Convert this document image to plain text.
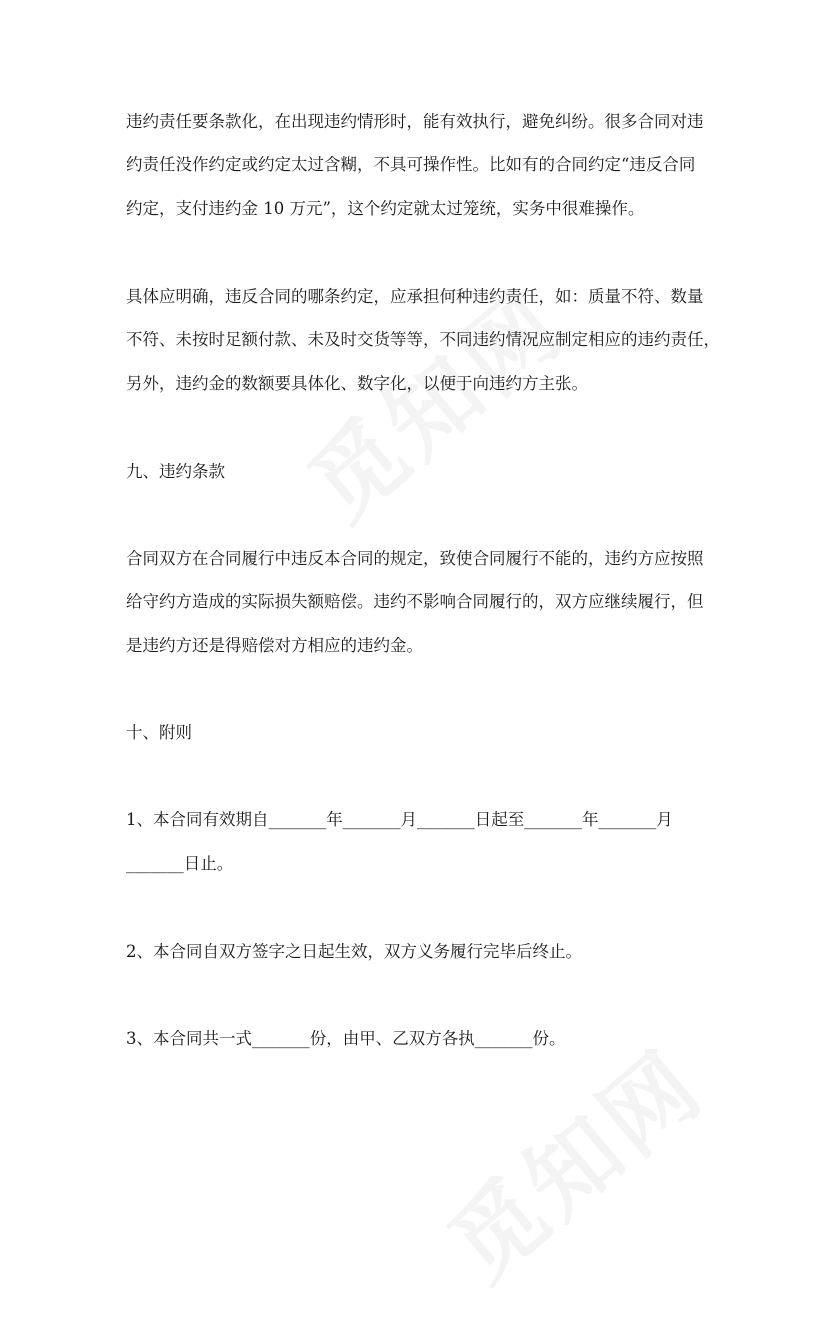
违约责任要条款化，在出现违约情形时，能有效执行，避免纠纷。很多合同对违
约责任没作约定或约定太过含糊，不具可操作性。比如有的合同约定“违反合同
约定，支付违约金 10 万元”，这个约定就太过笼统，实务中很难操作。
具体应明确，违反合同的哪条约定，应承担何种违约责任，如：质量不符、数量
不符、未按时足额付款、未及时交货等等，不同违约情况应制定相应的违约责任，
另外，违约金的数额要具体化、数字化，以便于向违约方主张。
九、违约条款
合同双方在合同履行中违反本合同的规定，致使合同履行不能的，违约方应按照
给守约方造成的实际损失额赔偿。违约不影响合同履行的，双方应继续履行，但
是违约方还是得赔偿对方相应的违约金。
十、附则
1、本合同有效期自_______年_______月_______日起至_______年_______月
_______日止。
2、本合同自双方签字之日起生效，双方义务履行完毕后终止。
3、本合同共一式_______份，由甲、乙双方各执_______份。
